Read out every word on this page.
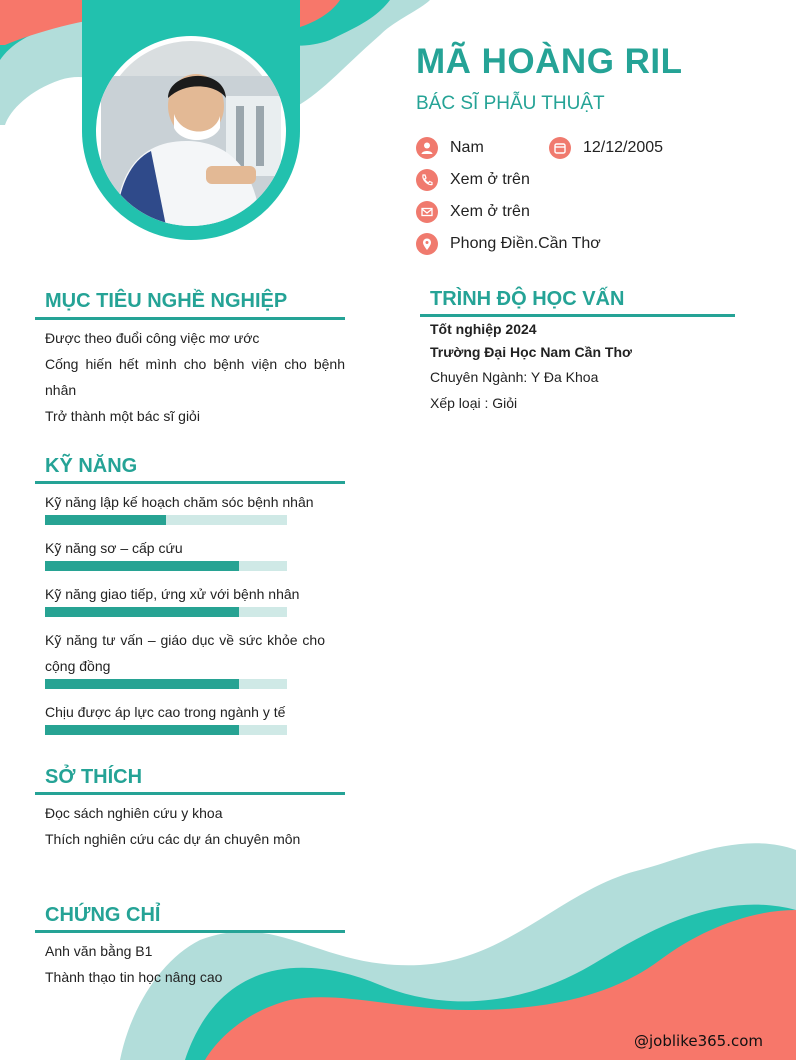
MÃ HOÀNG RIL
BÁC SĨ PHẪU THUẬT
Nam	12/12/2005
Xem ở trên
Xem ở trên
Phong Điền.Cần Thơ
MỤC TIÊU NGHỀ NGHIỆP
Được theo đuổi công việc mơ ước
Cống hiến hết mình cho bệnh viện cho bệnh nhân
Trở thành một bác sĩ giỏi
KỸ NĂNG
Kỹ năng lập kế hoạch chăm sóc bệnh nhân
Kỹ năng sơ – cấp cứu
Kỹ năng giao tiếp, ứng xử với bệnh nhân
Kỹ năng tư vấn – giáo dục về sức khỏe cho cộng đồng
Chịu được áp lực cao trong ngành y tế
SỞ THÍCH
Đọc sách nghiên cứu y khoa
Thích nghiên cứu các dự án chuyên môn
CHỨNG CHỈ
Anh văn bằng B1
Thành thạo tin học nâng cao
TRÌNH ĐỘ HỌC VẤN
Tốt nghiệp 2024
Trường Đại Học Nam Cần Thơ
Chuyên Ngành: Y Đa Khoa
Xếp loại : Giỏi
@joblike365.com
